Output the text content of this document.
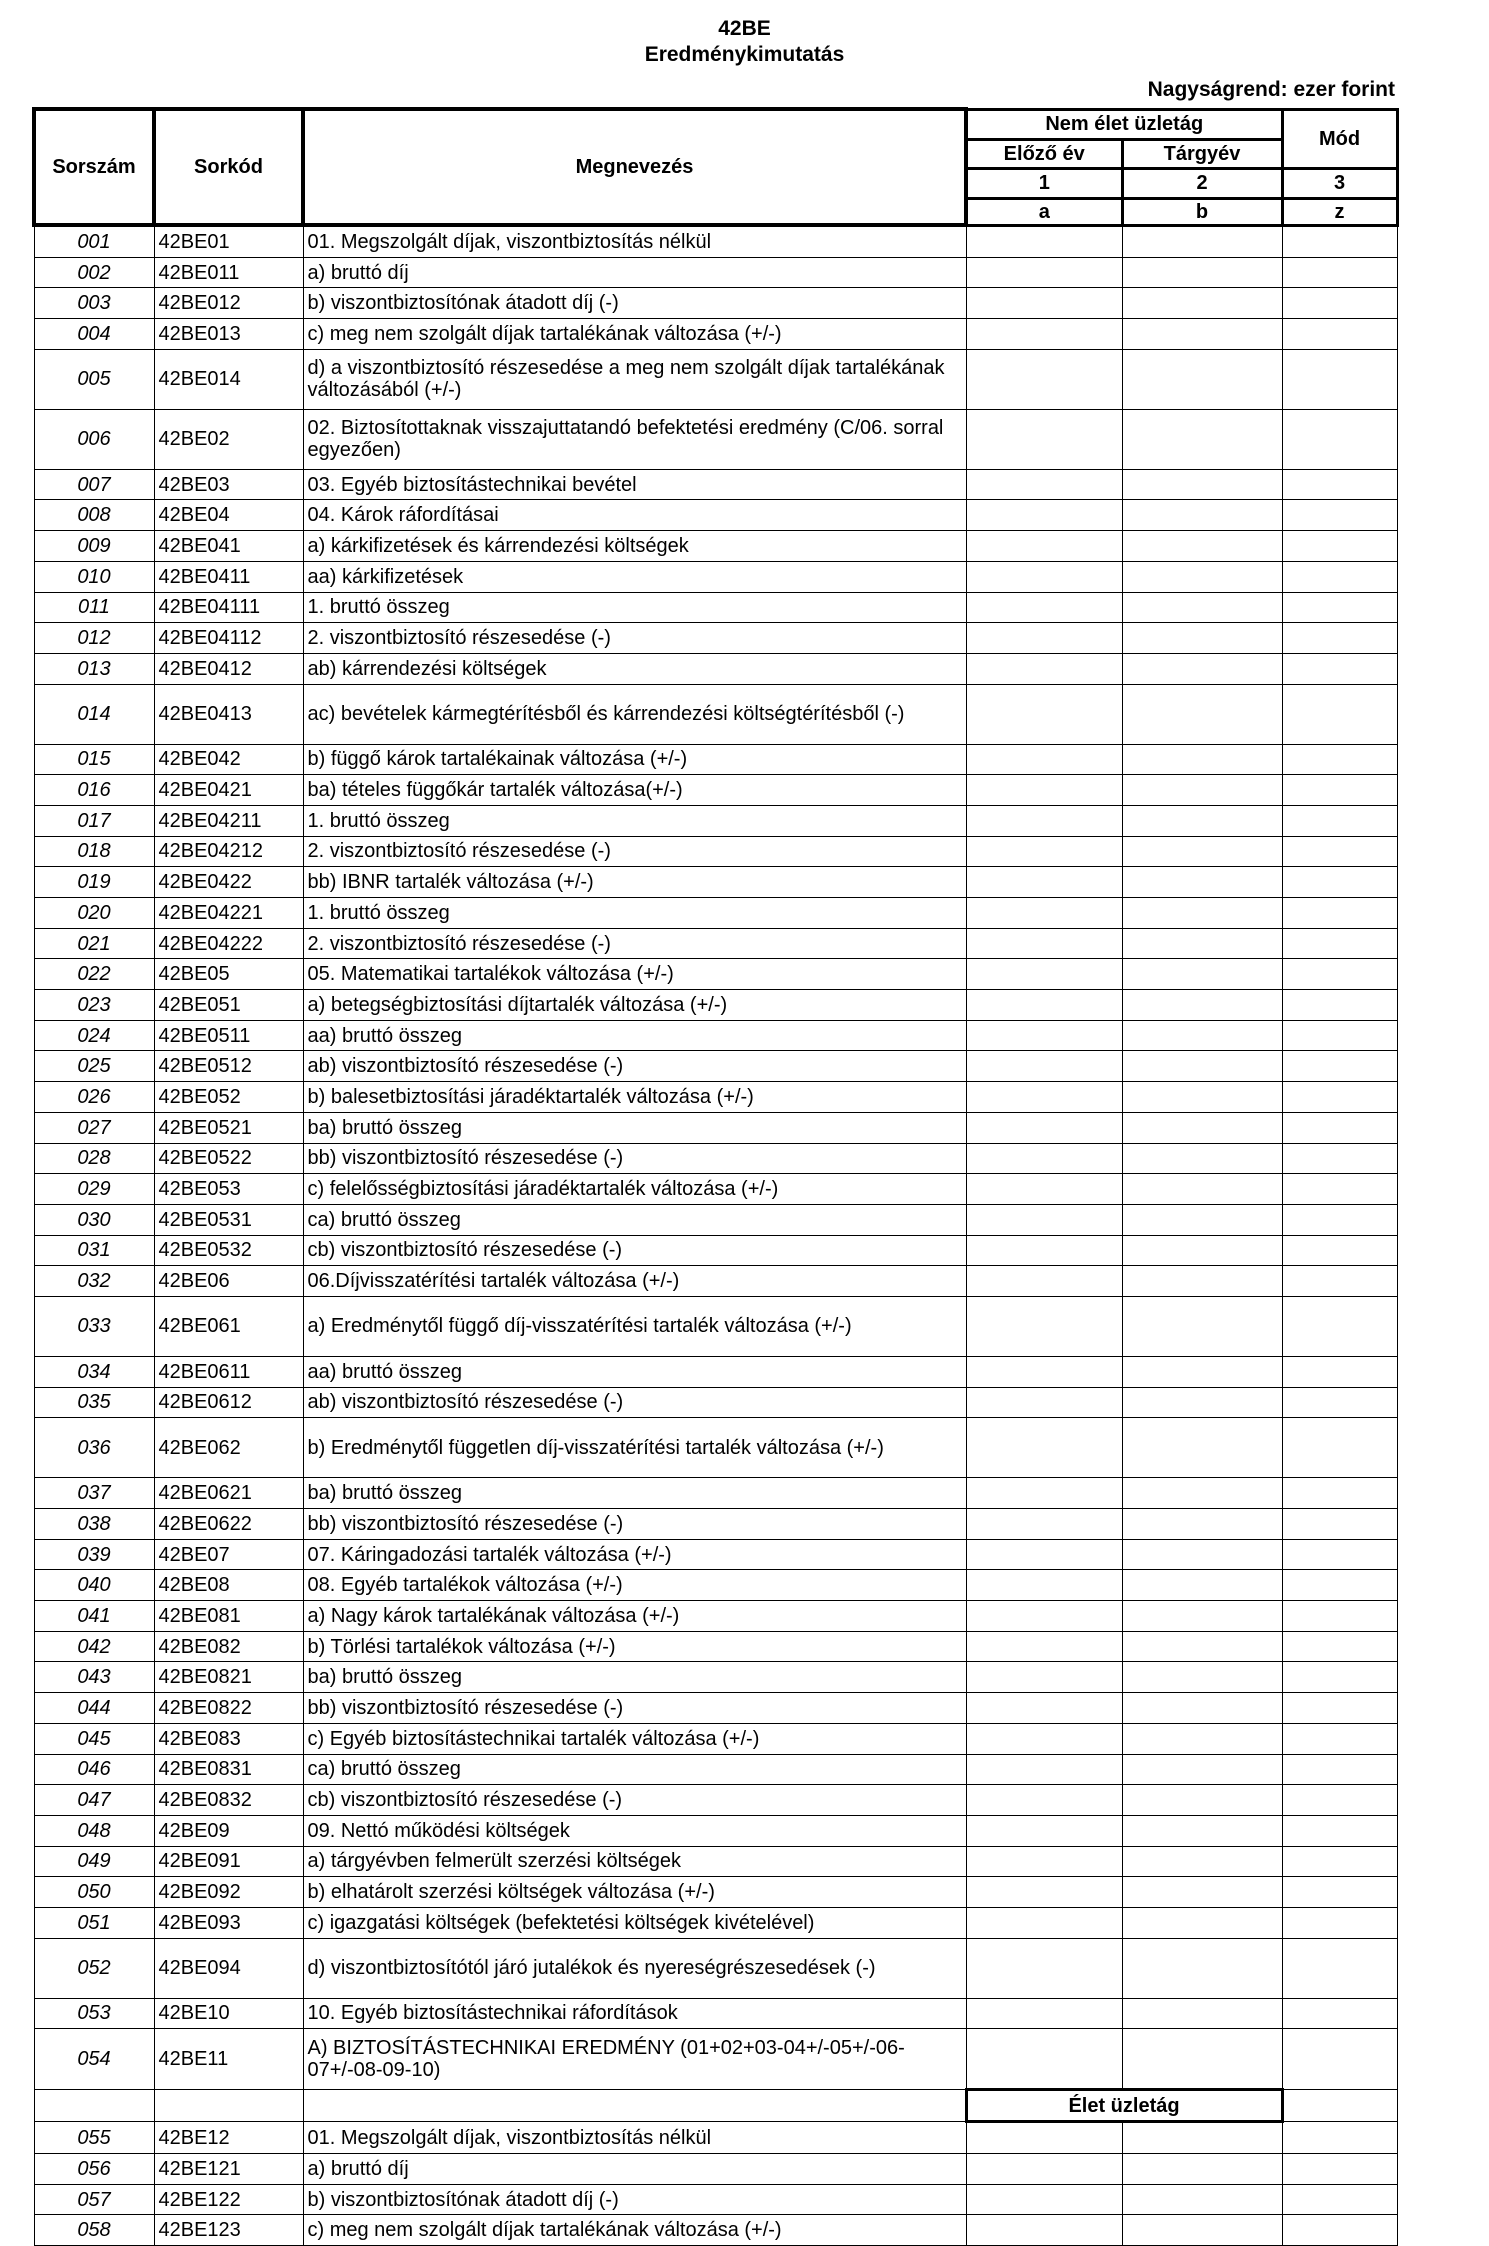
42BE
Eredménykimutatás
Nagyságrend: ezer forint
Sorszám	Sorkód	Megnevezés	Nem élet üzletág		Mód
			Előző év	Tárgyév	
			1	2	3
			a	b	z
001	42BE01	01. Megszolgált díjak, viszontbiztosítás nélkül			
002	42BE011	a) bruttó díj			
003	42BE012	b) viszontbiztosítónak átadott díj (-)			
004	42BE013	c) meg nem szolgált díjak tartalékának változása (+/-)			
005	42BE014	d) a viszontbiztosító részesedése a meg nem szolgált díjak tartalékának változásából (+/-)			
006	42BE02	02. Biztosítottaknak visszajuttatandó befektetési eredmény (C/06. sorral egyezően)			
007	42BE03	03. Egyéb biztosítástechnikai bevétel			
008	42BE04	04. Károk ráfordításai			
009	42BE041	a) kárkifizetések és kárrendezési költségek			
010	42BE0411	aa) kárkifizetések			
011	42BE04111	1. bruttó összeg			
012	42BE04112	2. viszontbiztosító részesedése (-)			
013	42BE0412	ab) kárrendezési költségek			
014	42BE0413	ac) bevételek kármegtérítésből és kárrendezési költségtérítésből (-)			
015	42BE042	b) függő károk tartalékainak változása (+/-)			
016	42BE0421	ba) tételes függőkár tartalék változása(+/-)			
017	42BE04211	1. bruttó összeg			
018	42BE04212	2. viszontbiztosító részesedése (-)			
019	42BE0422	bb) IBNR tartalék változása (+/-)			
020	42BE04221	1. bruttó összeg			
021	42BE04222	2. viszontbiztosító részesedése (-)			
022	42BE05	05. Matematikai tartalékok változása (+/-)			
023	42BE051	a) betegségbiztosítási díjtartalék változása (+/-)			
024	42BE0511	aa) bruttó összeg			
025	42BE0512	ab) viszontbiztosító részesedése (-)			
026	42BE052	b) balesetbiztosítási járadéktartalék változása (+/-)			
027	42BE0521	ba) bruttó összeg			
028	42BE0522	bb) viszontbiztosító részesedése (-)			
029	42BE053	c) felelősségbiztosítási járadéktartalék változása (+/-)			
030	42BE0531	ca) bruttó összeg			
031	42BE0532	cb) viszontbiztosító részesedése (-)			
032	42BE06	06.Díjvisszatérítési tartalék változása (+/-)			
033	42BE061	a) Eredménytől függő díj-visszatérítési tartalék változása (+/-)			
034	42BE0611	aa) bruttó összeg			
035	42BE0612	ab) viszontbiztosító részesedése (-)			
036	42BE062	b) Eredménytől független díj-visszatérítési tartalék változása (+/-)			
037	42BE0621	ba) bruttó összeg			
038	42BE0622	bb) viszontbiztosító részesedése (-)			
039	42BE07	07. Káringadozási tartalék változása (+/-)			
040	42BE08	08. Egyéb tartalékok változása (+/-)			
041	42BE081	a) Nagy károk tartalékának változása (+/-)			
042	42BE082	b) Törlési tartalékok változása (+/-)			
043	42BE0821	ba) bruttó összeg			
044	42BE0822	bb) viszontbiztosító részesedése (-)			
045	42BE083	c) Egyéb biztosítástechnikai tartalék változása (+/-)			
046	42BE0831	ca) bruttó összeg			
047	42BE0832	cb) viszontbiztosító részesedése (-)			
048	42BE09	09. Nettó működési költségek			
049	42BE091	a) tárgyévben felmerült szerzési költségek			
050	42BE092	b) elhatárolt szerzési költségek változása (+/-)			
051	42BE093	c) igazgatási költségek (befektetési költségek kivételével)			
052	42BE094	d) viszontbiztosítótól járó jutalékok és nyereségrészesedések (-)			
053	42BE10	10. Egyéb biztosítástechnikai ráfordítások			
054	42BE11	A) BIZTOSÍTÁSTECHNIKAI EREDMÉNY (01+02+03-04+/-05+/-06-07+/-08-09-10)			
			Élet üzletág		
055	42BE12	01. Megszolgált díjak, viszontbiztosítás nélkül			
056	42BE121	a) bruttó díj			
057	42BE122	b) viszontbiztosítónak átadott díj (-)			
058	42BE123	c) meg nem szolgált díjak tartalékának változása (+/-)			
